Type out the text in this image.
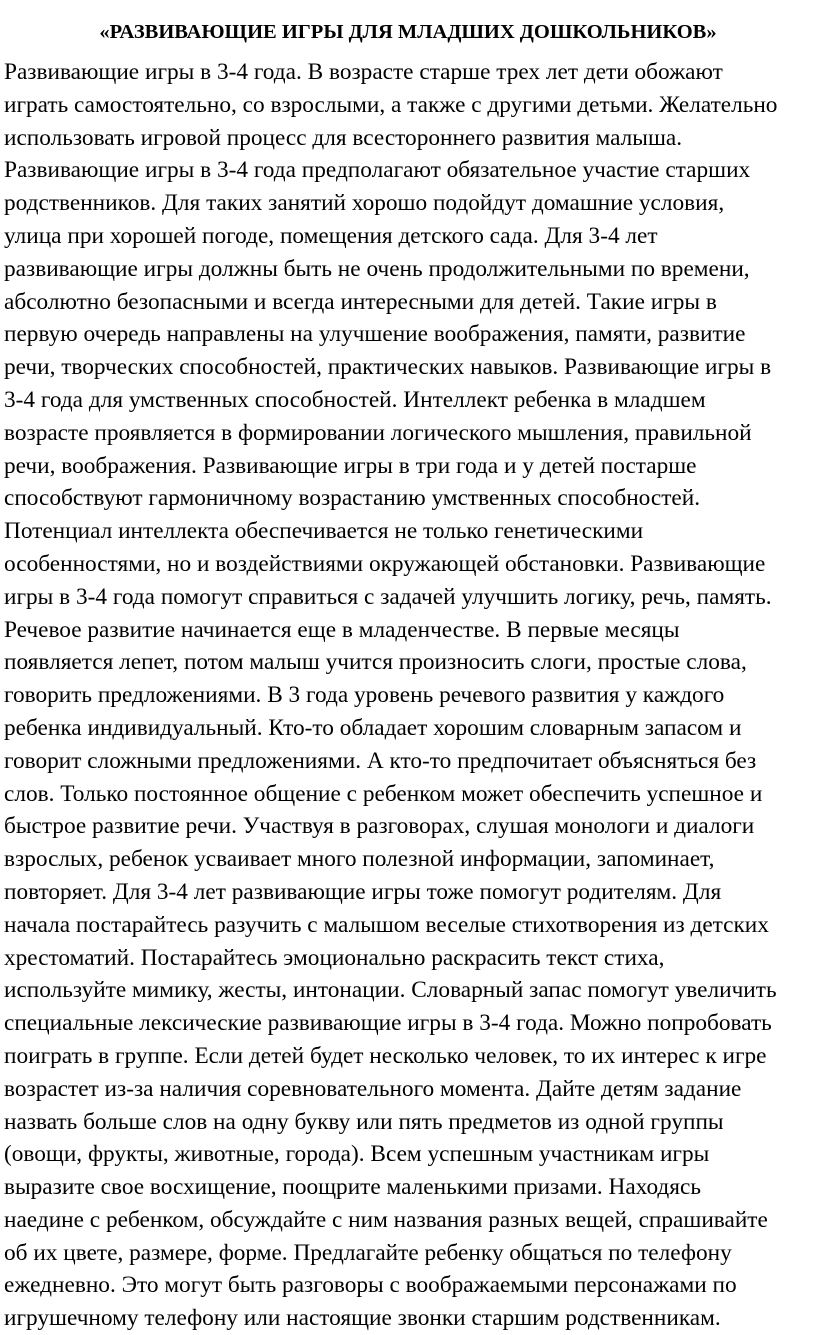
«РАЗВИВАЮЩИЕ ИГРЫ ДЛЯ МЛАДШИХ ДОШКОЛЬНИКОВ»
Развивающие игры в 3-4 года. В возрасте старше трех лет дети обожают
играть самостоятельно, со взрослыми, а также с другими детьми. Желательно
использовать игровой процесс для всестороннего развития малыша.
Развивающие игры в 3-4 года предполагают обязательное участие старших
родственников. Для таких занятий хорошо подойдут домашние условия,
улица при хорошей погоде, помещения детского сада. Для 3-4 лет
развивающие игры должны быть не очень продолжительными по времени,
абсолютно безопасными и всегда интересными для детей. Такие игры в
первую очередь направлены на улучшение воображения, памяти, развитие
речи, творческих способностей, практических навыков. Развивающие игры в
3-4 года для умственных способностей. Интеллект ребенка в младшем
возрасте проявляется в формировании логического мышления, правильной
речи, воображения. Развивающие игры в три года и у детей постарше
способствуют гармоничному возрастанию умственных способностей.
Потенциал интеллекта обеспечивается не только генетическими
особенностями, но и воздействиями окружающей обстановки. Развивающие
игры в 3-4 года помогут справиться с задачей улучшить логику, речь, память.
Речевое развитие начинается еще в младенчестве. В первые месяцы
появляется лепет, потом малыш учится произносить слоги, простые слова,
говорить предложениями. В 3 года уровень речевого развития у каждого
ребенка индивидуальный. Кто-то обладает хорошим словарным запасом и
говорит сложными предложениями. А кто-то предпочитает объясняться без
слов. Только постоянное общение с ребенком может обеспечить успешное и
быстрое развитие речи. Участвуя в разговорах, слушая монологи и диалоги
взрослых, ребенок усваивает много полезной информации, запоминает,
повторяет. Для 3-4 лет развивающие игры тоже помогут родителям. Для
начала постарайтесь разучить с малышом веселые стихотворения из детских
хрестоматий. Постарайтесь эмоционально раскрасить текст стиха,
используйте мимику, жесты, интонации. Словарный запас помогут увеличить
специальные лексические развивающие игры в 3-4 года. Можно попробовать
поиграть в группе. Если детей будет несколько человек, то их интерес к игре
возрастет из-за наличия соревновательного момента. Дайте детям задание
назвать больше слов на одну букву или пять предметов из одной группы
(овощи, фрукты, животные, города). Всем успешным участникам игры
выразите свое восхищение, поощрите маленькими призами. Находясь
наедине с ребенком, обсуждайте с ним названия разных вещей, спрашивайте
об их цвете, размере, форме. Предлагайте ребенку общаться по телефону
ежедневно. Это могут быть разговоры с воображаемыми персонажами по
игрушечному телефону или настоящие звонки старшим родственникам.
